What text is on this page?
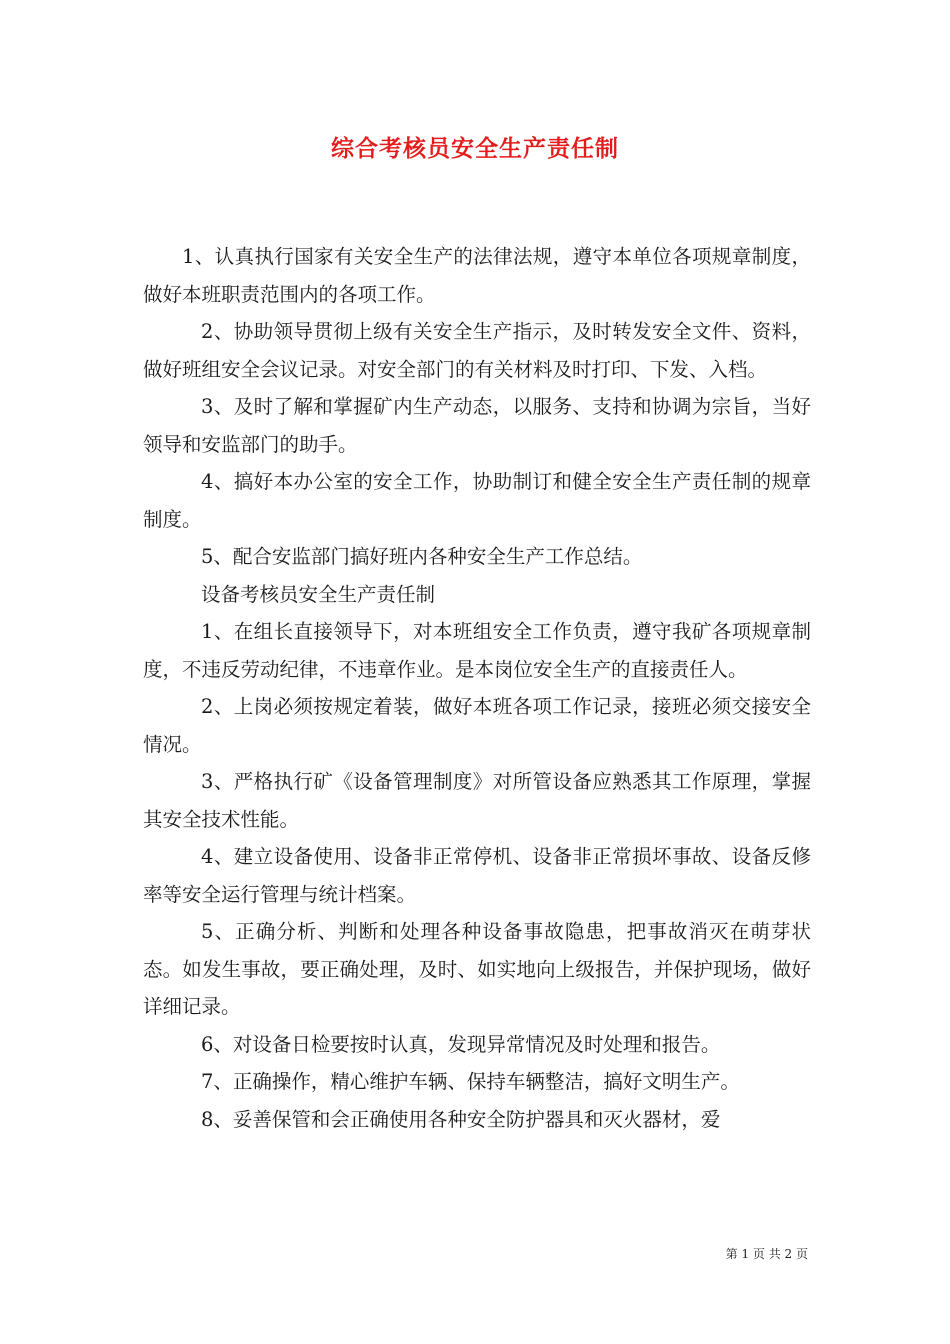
综合考核员安全生产责任制

1、认真执行国家有关安全生产的法律法规，遵守本单位各项规章制度，做好本班职责范围内的各项工作。

2、协助领导贯彻上级有关安全生产指示，及时转发安全文件、资料，做好班组安全会议记录。对安全部门的有关材料及时打印、下发、入档。

3、及时了解和掌握矿内生产动态，以服务、支持和协调为宗旨，当好领导和安监部门的助手。

4、搞好本办公室的安全工作，协助制订和健全安全生产责任制的规章制度。

5、配合安监部门搞好班内各种安全生产工作总结。

设备考核员安全生产责任制

1、在组长直接领导下，对本班组安全工作负责，遵守我矿各项规章制度，不违反劳动纪律，不违章作业。是本岗位安全生产的直接责任人。

2、上岗必须按规定着装，做好本班各项工作记录，接班必须交接安全情况。

3、严格执行矿《设备管理制度》对所管设备应熟悉其工作原理，掌握其安全技术性能。

4、建立设备使用、设备非正常停机、设备非正常损坏事故、设备反修率等安全运行管理与统计档案。

5、正确分析、判断和处理各种设备事故隐患，把事故消灭在萌芽状态。如发生事故，要正确处理，及时、如实地向上级报告，并保护现场，做好详细记录。

6、对设备日检要按时认真，发现异常情况及时处理和报告。

7、正确操作，精心维护车辆、保持车辆整洁，搞好文明生产。

8、妥善保管和会正确使用各种安全防护器具和灭火器材，爱

第 1 页 共 2 页
